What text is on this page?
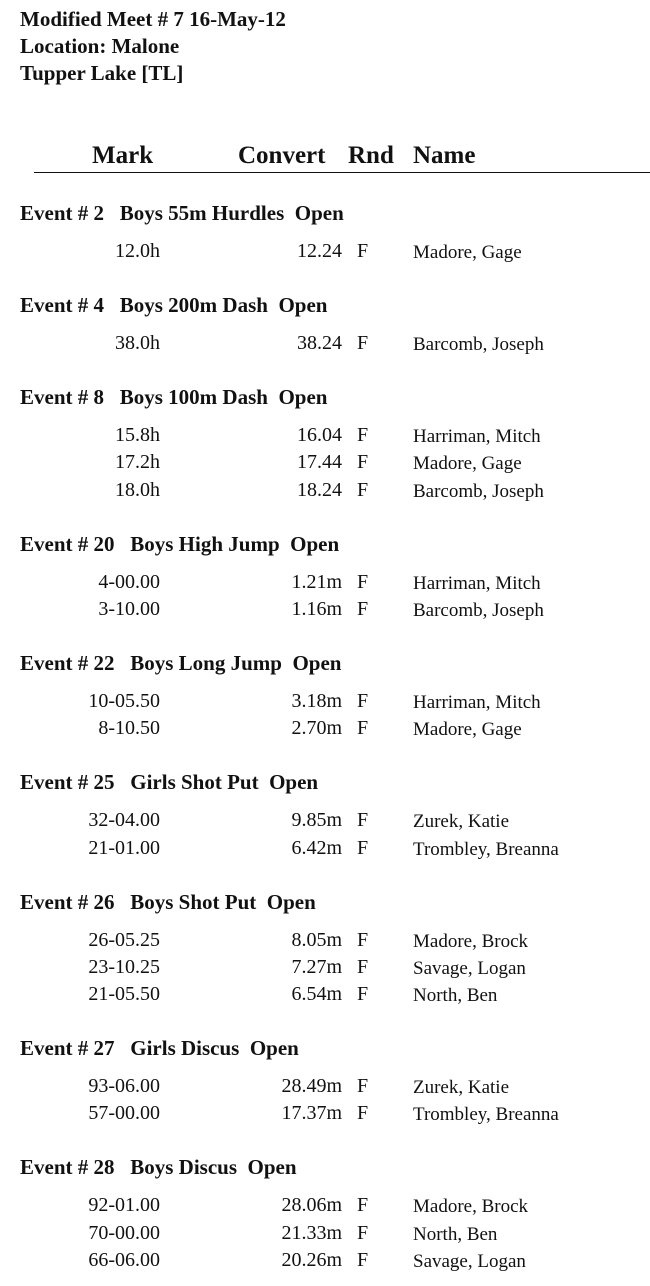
Modified Meet # 7 16-May-12
Location: Malone
Tupper Lake [TL]
Mark	Convert Rnd Name
Event # 2   Boys 55m Hurdles  Open
12.0h	12.24 F Madore, Gage
Event # 4   Boys 200m Dash  Open
38.0h	38.24 F Barcomb, Joseph
Event # 8   Boys 100m Dash  Open
15.8h	16.04 F Harriman, Mitch
17.2h	17.44 F Madore, Gage
18.0h	18.24 F Barcomb, Joseph
Event # 20   Boys High Jump  Open
4-00.00	1.21m F Harriman, Mitch
3-10.00	1.16m F Barcomb, Joseph
Event # 22   Boys Long Jump  Open
10-05.50	3.18m F Harriman, Mitch
8-10.50	2.70m F Madore, Gage
Event # 25   Girls Shot Put  Open
32-04.00	9.85m F Zurek, Katie
21-01.00	6.42m F Trombley, Breanna
Event # 26   Boys Shot Put  Open
26-05.25	8.05m F Madore, Brock
23-10.25	7.27m F Savage, Logan
21-05.50	6.54m F North, Ben
Event # 27   Girls Discus  Open
93-06.00	28.49m F Zurek, Katie
57-00.00	17.37m F Trombley, Breanna
Event # 28   Boys Discus  Open
92-01.00	28.06m F Madore, Brock
70-00.00	21.33m F North, Ben
66-06.00	20.26m F Savage, Logan
